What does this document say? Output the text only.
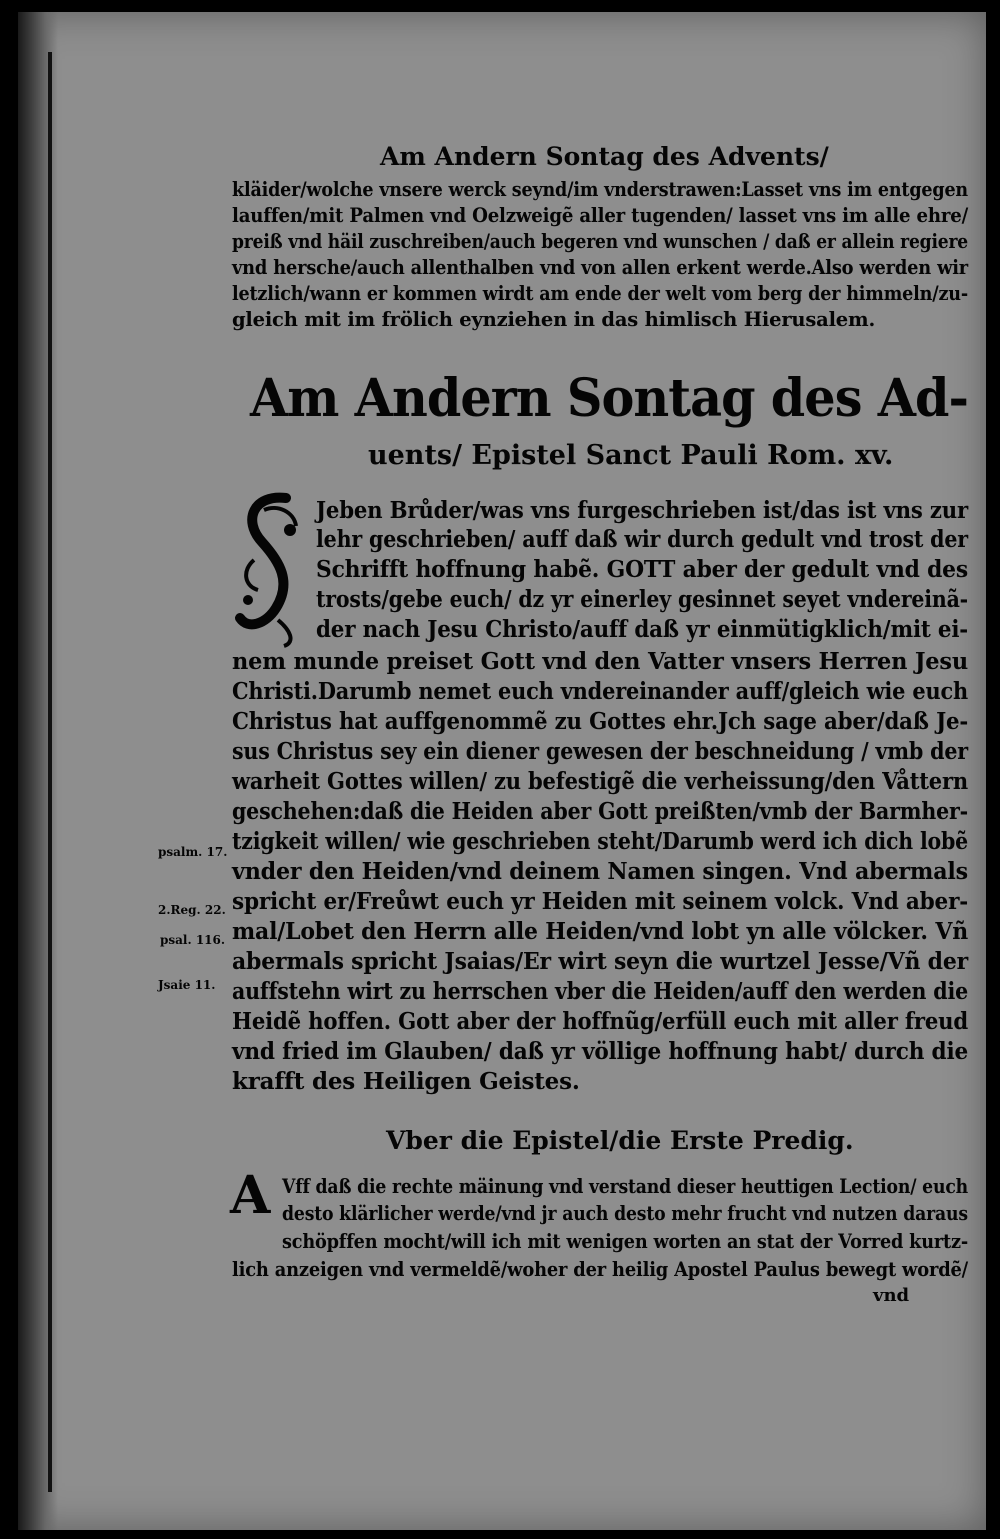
Am Andern Sontag des Advents/
kläider/wolche vnsere werck seynd/im vnderstrawen:Lasset vns im entgegen
lauffen/mit Palmen vnd Oelzweigẽ aller tugenden/ lasset vns im alle ehre/
preiß vnd häil zuschreiben/auch begeren vnd wunschen / daß er allein regiere
vnd hersche/auch allenthalben vnd von allen erkent werde.Also werden wir
letzlich/wann er kommen wirdt am ende der welt vom berg der himmeln/zu-
gleich mit im frölich eynziehen in das himlisch Hierusalem.
Am Andern Sontag des Ad-
uents/ Epistel Sanct Pauli Rom. xv.
Jeben Brůder/was vns furgeschrieben ist/das ist vns zur
lehr geschrieben/ auff daß wir durch gedult vnd trost der
Schrifft hoffnung habẽ. GOTT aber der gedult vnd des
trosts/gebe euch/ dz yr einerley gesinnet seyet vndereinã-
der nach Jesu Christo/auff daß yr einmütigklich/mit ei-
nem munde preiset Gott vnd den Vatter vnsers Herren Jesu
Christi.Darumb nemet euch vndereinander auff/gleich wie euch
Christus hat auffgenommẽ zu Gottes ehr.Jch sage aber/daß Je-
sus Christus sey ein diener gewesen der beschneidung / vmb der
warheit Gottes willen/ zu befestigẽ die verheissung/den Våttern
geschehen:daß die Heiden aber Gott preißten/vmb der Barmher-
tzigkeit willen/ wie geschrieben steht/Darumb werd ich dich lobẽ
vnder den Heiden/vnd deinem Namen singen. Vnd abermals
spricht er/Freůwt euch yr Heiden mit seinem volck. Vnd aber-
mal/Lobet den Herrn alle Heiden/vnd lobt yn alle völcker. Vñ
abermals spricht Jsaias/Er wirt seyn die wurtzel Jesse/Vñ der
auffstehn wirt zu herrschen vber die Heiden/auff den werden die
Heidẽ hoffen. Gott aber der hoffnũg/erfüll euch mit aller freud
vnd fried im Glauben/ daß yr völlige hoffnung habt/ durch die
krafft des Heiligen Geistes.
psalm. 17.
2.Reg. 22.
psal. 116.
Jsaie 11.
Vber die Epistel/die Erste Predig.
A Vff daß die rechte mäinung vnd verstand dieser heuttigen Lection/ euch
desto klärlicher werde/vnd jr auch desto mehr frucht vnd nutzen daraus
schöpffen mocht/will ich mit wenigen worten an stat der Vorred kurtz-
lich anzeigen vnd vermeldẽ/woher der heilig Apostel Paulus bewegt wordẽ/
vnd
